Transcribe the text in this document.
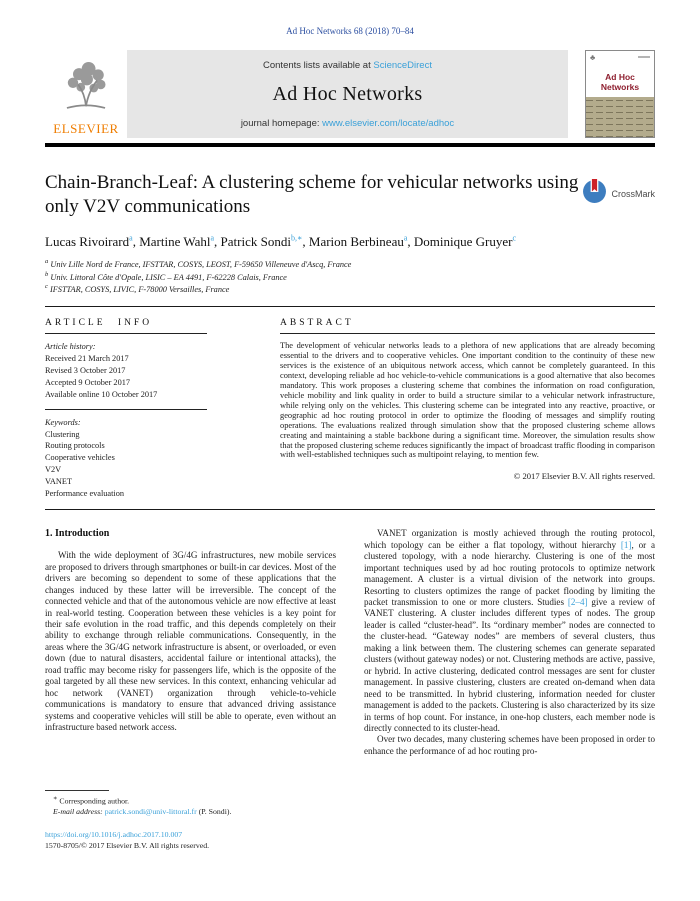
Ad Hoc Networks 68 (2018) 70–84
ELSEVIER
Contents lists available at ScienceDirect
Ad Hoc Networks
journal homepage: www.elsevier.com/locate/adhoc
♣
Ad Hoc
Networks
Chain-Branch-Leaf: A clustering scheme for vehicular networks using only V2V communications
CrossMark
Lucas Rivoirard$^a$, Martine Wahl$^a$, Patrick Sondi$^{b,∗}$, Marion Berbineau$^a$, Dominique Gruyer$^c$
$^a$ Univ Lille Nord de France, IFSTTAR, COSYS, LEOST, F-59650 Villeneuve d'Ascq, France
$^b$ Univ. Littoral Côte d'Opale, LISIC – EA 4491, F-62228 Calais, France
$^c$ IFSTTAR, COSYS, LIVIC, F-78000 Versailles, France
ARTICLE INFO
Article history:
Received 21 March 2017
Revised 3 October 2017
Accepted 9 October 2017
Available online 10 October 2017
Keywords:
Clustering
Routing protocols
Cooperative vehicles
V2V
VANET
Performance evaluation
ABSTRACT
The development of vehicular networks leads to a plethora of new applications that are already becoming essential to the drivers and to cooperative vehicles. One important condition to the continuity of these new services is the existence of an ubiquitous network access, which cannot be completely guaranteed. In this context, developing reliable ad hoc vehicle-to-vehicle communications is a good alternative that also becomes mandatory. This work proposes a clustering scheme that combines the information on road configuration, vehicle mobility and link quality in order to build a structure similar to a vehicular network infrastructure, while relying only on the vehicles. This clustering scheme can be integrated into any reactive, proactive, or geographic ad hoc routing protocol in order to optimize the flooding of messages and simplify routing operations. The evaluations realized through simulation show that the proposed clustering scheme allows creating and maintaining a stable backbone during a significant time. Moreover, the simulation results show that the proposed clustering scheme reduces significantly the impact of broadcast traffic flooding in comparison with well-established techniques such as multipoint relaying, to mention few.
© 2017 Elsevier B.V. All rights reserved.
1. Introduction

With the wide deployment of 3G/4G infrastructures, new mobile services are proposed to drivers through smartphones or built-in car devices. Most of the drivers are becoming so dependent to some of these applications that the changes induced by these latter will be irreversible. The concept of the connected vehicle and that of the autonomous vehicle are now effective at least in real-world testing. Cooperation between these vehicles is a key point for their safe evolution in the road traffic, and this depends completely on their ability to exchange through reliable communications. Consequently, in the areas where the 3G/4G network infrastructure is absent, or overloaded, or even down (due to natural disasters, accidental failure or intentional attacks), the road traffic may become risky for passengers life, which is the opposite of the goal targeted by all these new services. In this context, enhancing vehicular ad hoc network (VANET) organization through vehicle-to-vehicle communications is mandatory to ensure that advanced driving assistance systems and cooperative vehicles will still be able to operate, even without an infrastructure based network access.

∗ Corresponding author.
E-mail address: patrick.sondi@univ-littoral.fr (P. Sondi).
https://doi.org/10.1016/j.adhoc.2017.10.007
1570-8705/© 2017 Elsevier B.V. All rights reserved.

VANET organization is mostly achieved through the routing protocol, which topology can be either a flat topology, without hierarchy [1], or a clustered topology, with a node hierarchy. Clustering is one of the most important techniques used by ad hoc routing protocols to optimize network management. A cluster is a virtual division of the network into groups. Resorting to clusters optimizes the range of packet flooding by limiting the packet transmission to one or more clusters. Studies [2–4] give a review of VANET clustering. A cluster includes different types of nodes. The group leader is called “cluster-head”. Its “ordinary member” nodes are connected to the cluster-head. “Gateway nodes” are members of several clusters, thus making a link between them. The clustering schemes can generate separated clusters (without gateway nodes) or not. Clustering methods are active, passive, or hybrid. In active clustering, dedicated control messages are sent for cluster management. In passive clustering, clusters are created on-demand when data need to be transmitted. In hybrid clustering, information needed for cluster management is added to the packets. Clustering is also characterized by its size in terms of hop count. For instance, in one-hop clusters, each member node is directly connected to its cluster-head.

Over two decades, many clustering schemes have been proposed in order to enhance the performance of ad hoc routing pro-
